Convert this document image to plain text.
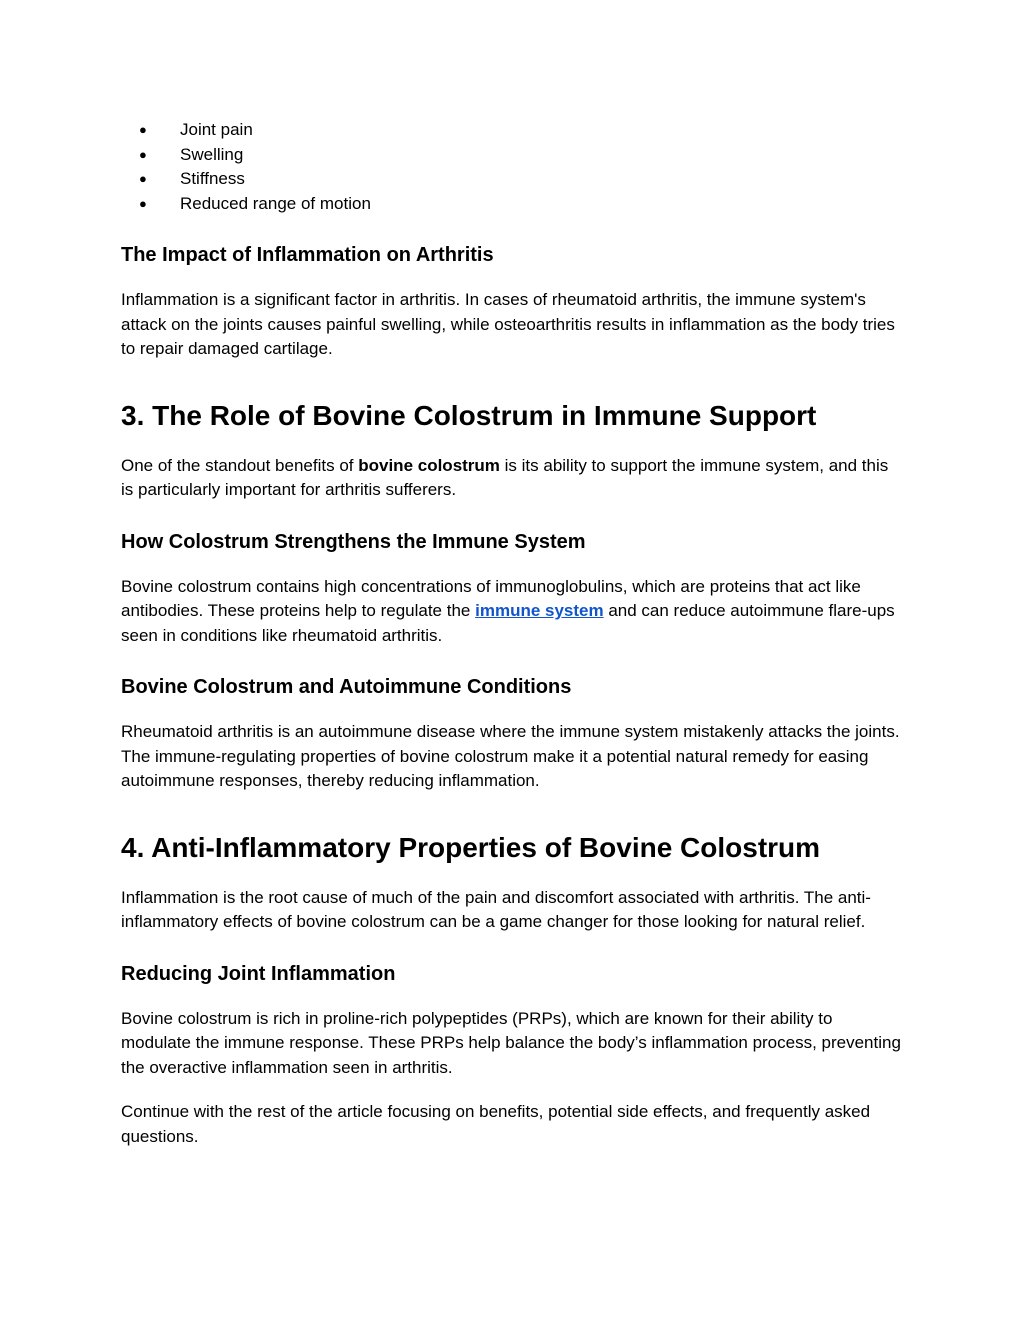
● Joint pain
● Swelling
● Stiffness
● Reduced range of motion
The Impact of Inflammation on Arthritis

Inflammation is a significant factor in arthritis. In cases of rheumatoid arthritis, the immune system's attack on the joints causes painful swelling, while osteoarthritis results in inflammation as the body tries to repair damaged cartilage.

3. The Role of Bovine Colostrum in Immune Support

One of the standout benefits of bovine colostrum is its ability to support the immune system, and this is particularly important for arthritis sufferers.

How Colostrum Strengthens the Immune System

Bovine colostrum contains high concentrations of immunoglobulins, which are proteins that act like antibodies. These proteins help to regulate the immune system and can reduce autoimmune flare-ups seen in conditions like rheumatoid arthritis.

Bovine Colostrum and Autoimmune Conditions

Rheumatoid arthritis is an autoimmune disease where the immune system mistakenly attacks the joints. The immune-regulating properties of bovine colostrum make it a potential natural remedy for easing autoimmune responses, thereby reducing inflammation.

4. Anti-Inflammatory Properties of Bovine Colostrum

Inflammation is the root cause of much of the pain and discomfort associated with arthritis. The anti-inflammatory effects of bovine colostrum can be a game changer for those looking for natural relief.

Reducing Joint Inflammation

Bovine colostrum is rich in proline-rich polypeptides (PRPs), which are known for their ability to modulate the immune response. These PRPs help balance the body’s inflammation process, preventing the overactive inflammation seen in arthritis.

Continue with the rest of the article focusing on benefits, potential side effects, and frequently asked questions.
